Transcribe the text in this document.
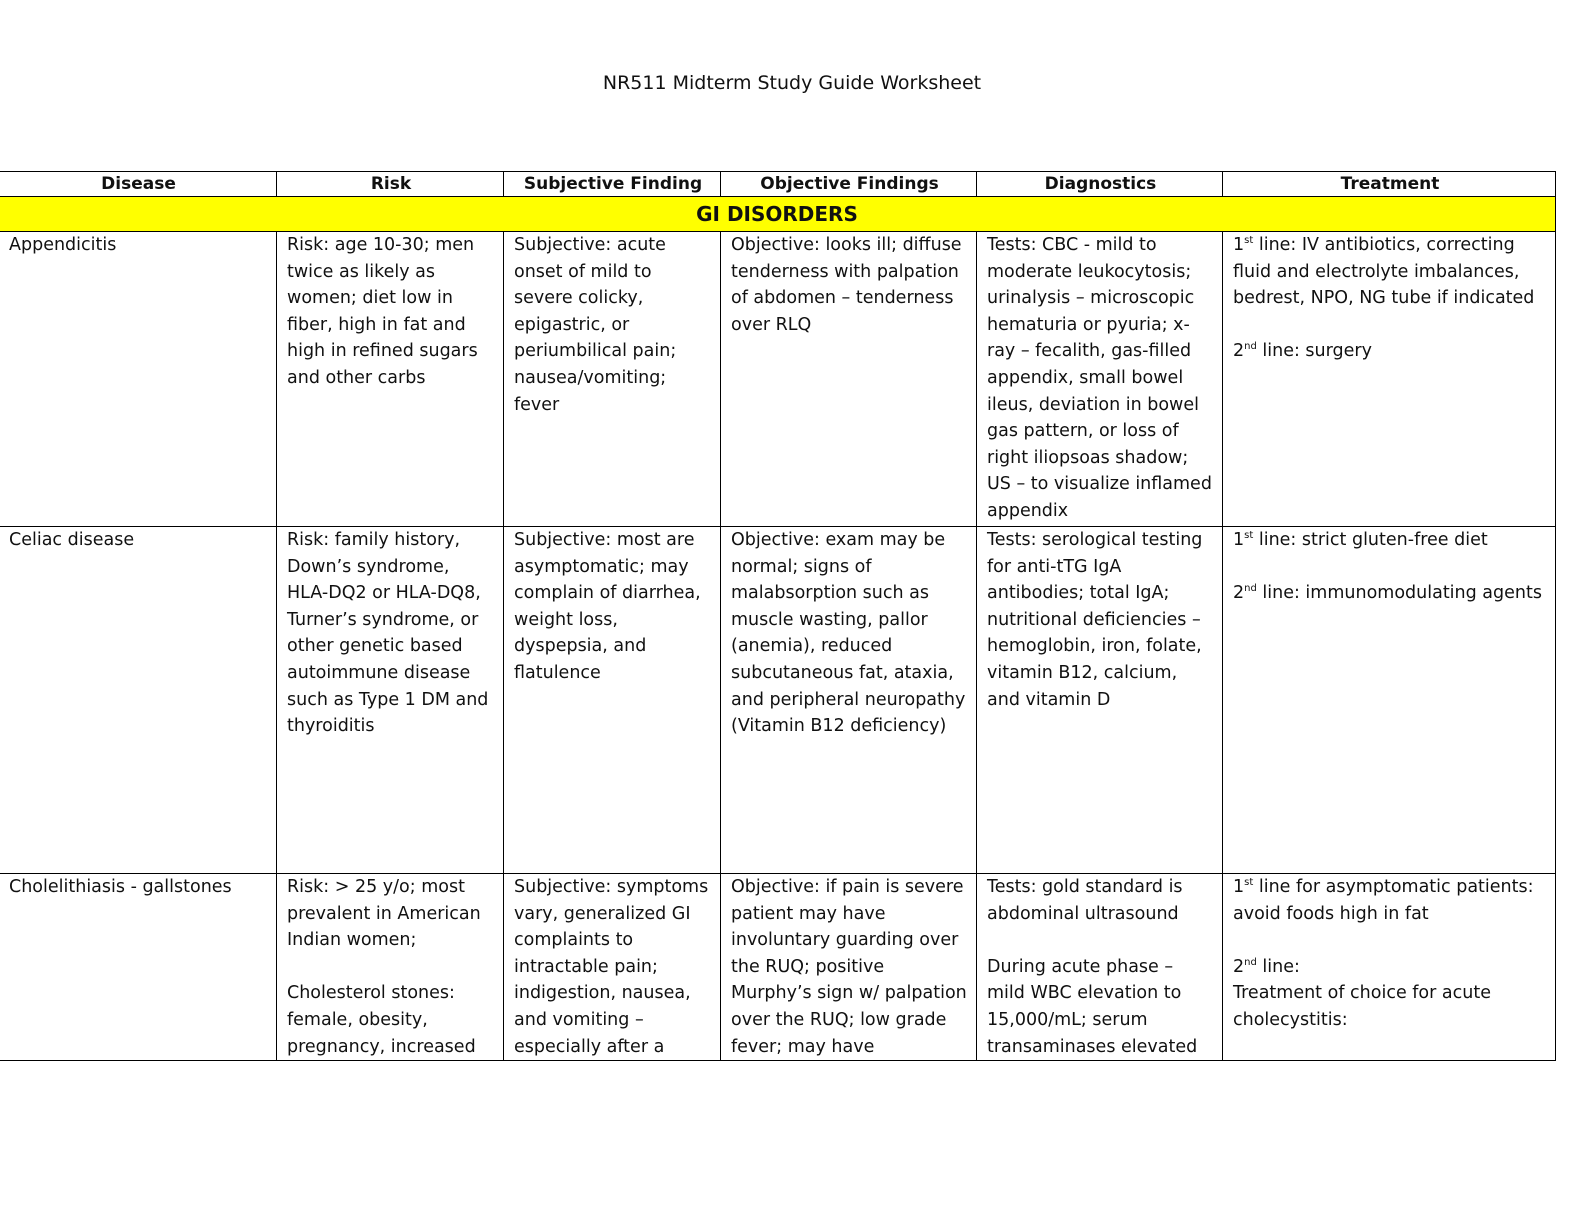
NR511 Midterm Study Guide Worksheet
Disease	Risk	Subjective Finding	Objective Findings	Diagnostics	Treatment
GI DISORDERS					
Appendicitis	Risk: age 10-30; men twice as likely as women; diet low in fiber, high in fat and high in refined sugars and other carbs	Subjective: acute onset of mild to severe colicky, epigastric, or periumbilical pain; nausea/vomiting; fever	Objective: looks ill; diffuse tenderness with palpation of abdomen – tenderness over RLQ	Tests: CBC - mild to moderate leukocytosis; urinalysis – microscopic hematuria or pyuria; x-ray – fecalith, gas-filled appendix, small bowel ileus, deviation in bowel gas pattern, or loss of right iliopsoas shadow; US – to visualize inflamed appendix	1st line: IV antibiotics, correcting fluid and electrolyte imbalances, bedrest, NPO, NG tube if indicated
2nd line: surgery

Celiac disease	Risk: family history, Down’s syndrome, HLA-DQ2 or HLA-DQ8, Turner’s syndrome, or other genetic based autoimmune disease such as Type 1 DM and thyroiditis	Subjective: most are asymptomatic; may complain of diarrhea, weight loss, dyspepsia, and flatulence	Objective: exam may be normal; signs of malabsorption such as muscle wasting, pallor (anemia), reduced subcutaneous fat, ataxia, and peripheral neuropathy (Vitamin B12 deficiency)	Tests: serological testing for anti-tTG IgA antibodies; total IgA; nutritional deficiencies – hemoglobin, iron, folate, vitamin B12, calcium, and vitamin D	1st line: strict gluten-free diet
2nd line: immunomodulating agents

Cholelithiasis - gallstones	Risk: > 25 y/o; most prevalent in American Indian women;
Cholesterol stones: female, obesity, pregnancy, increased	Subjective: symptoms vary, generalized GI complaints to intractable pain; indigestion, nausea, and vomiting – especially after a	Objective: if pain is severe patient may have involuntary guarding over the RUQ; positive Murphy’s sign w/ palpation over the RUQ; low grade fever; may have	Tests: gold standard is abdominal ultrasound
During acute phase – mild WBC elevation to 15,000/mL; serum transaminases elevated	1st line for asymptomatic patients: avoid foods high in fat
2nd line:
Treatment of choice for acute cholecystitis:
